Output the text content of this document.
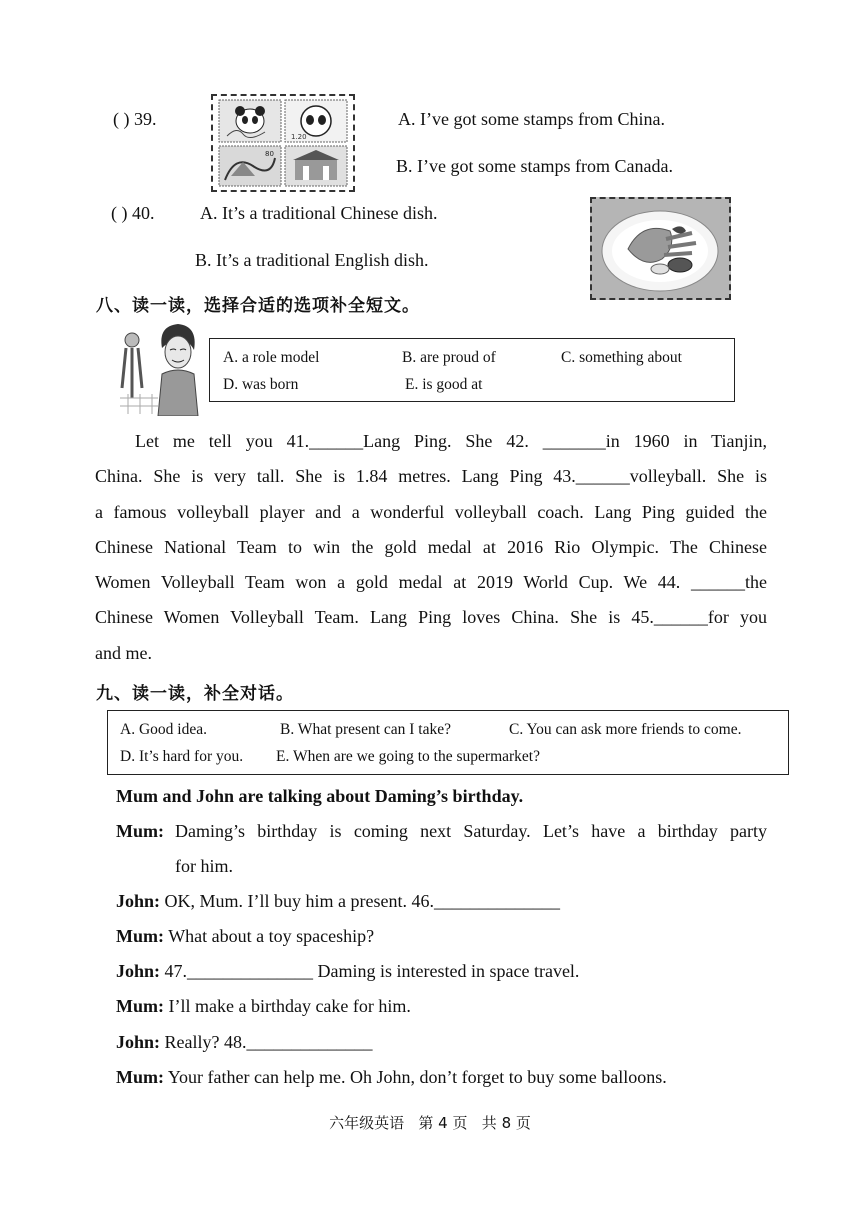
( ) 39.
1.20
80
A. I’ve got some stamps from China.
B. I’ve got some stamps from Canada.
( ) 40.	A. It’s a traditional Chinese dish.
B. It’s a traditional English dish.
八、读一读，选择合适的选项补全短文。
A. a role model	B. are proud of	C. something about
D. was born	E. is good at
Let me tell you 41.______Lang Ping. She 42. _______in 1960 in Tianjin,
China. She is very tall. She is 1.84 metres. Lang Ping 43.______volleyball. She is
a famous volleyball player and a wonderful volleyball coach. Lang Ping guided the
Chinese National Team to win the gold medal at 2016 Rio Olympic. The Chinese
Women Volleyball Team won a gold medal at 2019 World Cup. We 44. ______the
Chinese Women Volleyball Team. Lang Ping loves China. She is 45.______for you
and me.
九、读一读，补全对话。
A. Good idea.	B. What present can I take?	C. You can ask more friends to come.
D. It’s hard for you. E. When are we going to the supermarket?
Mum and John are talking about Daming’s birthday.
Mum: Daming’s birthday is coming next Saturday. Let’s have a birthday party
for him.
John: OK, Mum. I’ll buy him a present. 46.______________
Mum: What about a toy spaceship?
John: 47.______________ Daming is interested in space travel.
Mum: I’ll make a birthday cake for him.
John: Really? 48.______________
Mum: Your father can help me. Oh John, don’t forget to buy some balloons.
六年级英语   第 4 页   共 8 页
